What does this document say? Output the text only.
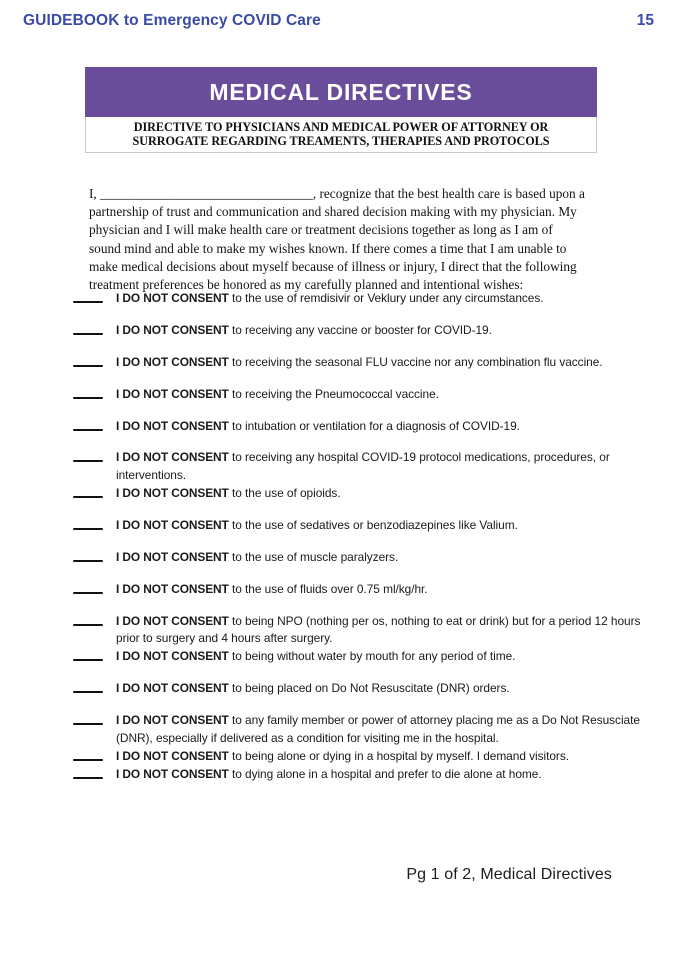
GUIDEBOOK to Emergency COVID Care	15
MEDICAL DIRECTIVES
DIRECTIVE TO PHYSICIANS AND MEDICAL POWER OF ATTORNEY OR SURROGATE REGARDING TREAMENTS, THERAPIES AND PROTOCOLS

I, ________________________________, recognize that the best health care is based upon a partnership of trust and communication and shared decision making with my physician. My physician and I will make health care or treatment decisions together as long as I am of sound mind and able to make my wishes known. If there comes a time that I am unable to make medical decisions about myself because of illness or injury, I direct that the following treatment preferences be honored as my carefully planned and intentional wishes:

I DO NOT CONSENT to the use of remdisivir or Veklury under any circumstances.
I DO NOT CONSENT to receiving any vaccine or booster for COVID-19.
I DO NOT CONSENT to receiving the seasonal FLU vaccine nor any combination flu vaccine.
I DO NOT CONSENT to receiving the Pneumococcal vaccine.
I DO NOT CONSENT to intubation or ventilation for a diagnosis of COVID-19.
I DO NOT CONSENT to receiving any hospital COVID-19 protocol medications, procedures, or interventions.
I DO NOT CONSENT to the use of opioids.
I DO NOT CONSENT to the use of sedatives or benzodiazepines like Valium.
I DO NOT CONSENT to the use of muscle paralyzers.
I DO NOT CONSENT to the use of fluids over 0.75 ml/kg/hr.
I DO NOT CONSENT to being NPO (nothing per os, nothing to eat or drink) but for a period 12 hours prior to surgery and 4 hours after surgery.
I DO NOT CONSENT to being without water by mouth for any period of time.
I DO NOT CONSENT to being placed on Do Not Resuscitate (DNR) orders.
I DO NOT CONSENT to any family member or power of attorney placing me as a Do Not Resusciate (DNR), especially if delivered as a condition for visiting me in the hospital.
I DO NOT CONSENT to being alone or dying in a hospital by myself. I demand visitors.
I DO NOT CONSENT to dying alone in a hospital and prefer to die alone at home.
Pg 1 of 2, Medical Directives
